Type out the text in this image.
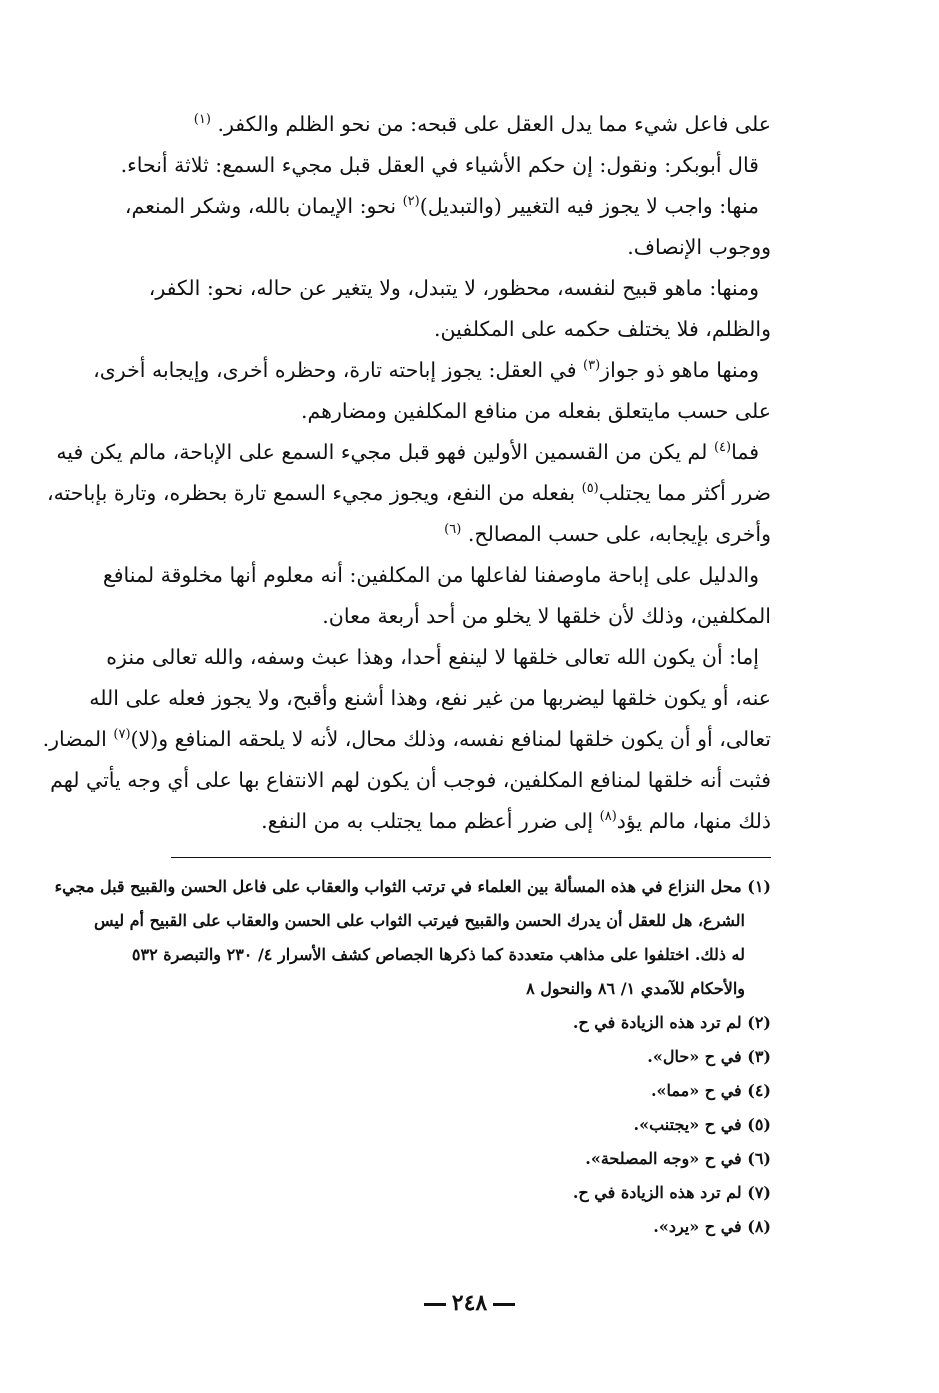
على فاعل شيء مما يدل العقل على قبحه: من نحو الظلم والكفر. $^{(١)}$
قال أبوبكر: ونقول: إن حكم الأشياء في العقل قبل مجيء السمع: ثلاثة أنحاء.
منها: واجب لا يجوز فيه التغيير (والتبديل)$^{(٢)}$ نحو: الإيمان بالله، وشكر المنعم،
ووجوب الإنصاف.
ومنها: ماهو قبيح لنفسه، محظور، لا يتبدل، ولا يتغير عن حاله، نحو: الكفر،
والظلم، فلا يختلف حكمه على المكلفين.
ومنها ماهو ذو جواز$^{(٣)}$ في العقل: يجوز إباحته تارة، وحظره أخرى، وإيجابه أخرى،
على حسب مايتعلق بفعله من منافع المكلفين ومضارهم.
فما$^{(٤)}$ لم يكن من القسمين الأولين فهو قبل مجيء السمع على الإباحة، مالم يكن فيه
ضرر أكثر مما يجتلب$^{(٥)}$ بفعله من النفع، ويجوز مجيء السمع تارة بحظره، وتارة بإباحته،
وأخرى بإيجابه، على حسب المصالح. $^{(٦)}$
والدليل على إباحة ماوصفنا لفاعلها من المكلفين: أنه معلوم أنها مخلوقة لمنافع
المكلفين، وذلك لأن خلقها لا يخلو من أحد أربعة معان.
إما: أن يكون الله تعالى خلقها لا لينفع أحدا، وهذا عبث وسفه، والله تعالى منزه
عنه، أو يكون خلقها ليضربها من غير نفع، وهذا أشنع وأقبح، ولا يجوز فعله على الله
تعالى، أو أن يكون خلقها لمنافع نفسه، وذلك محال، لأنه لا يلحقه المنافع و(لا)$^{(٧)}$ المضار.
فثبت أنه خلقها لمنافع المكلفين، فوجب أن يكون لهم الانتفاع بها على أي وجه يأتي لهم
ذلك منها، مالم يؤد$^{(٨)}$ إلى ضرر أعظم مما يجتلب به من النفع.
(١) محل النزاع في هذه المسألة بين العلماء في ترتب الثواب والعقاب على فاعل الحسن والقبيح قبل مجيء
الشرع، هل للعقل أن يدرك الحسن والقبيح فيرتب الثواب على الحسن والعقاب على القبيح أم ليس
له ذلك. اختلفوا على مذاهب متعددة كما ذكرها الجصاص كشف الأسرار ٤/ ٢٣٠ والتبصرة ٥٣٢
والأحكام للآمدي ١/ ٨٦ والنحول ٨
(٢) لم ترد هذه الزيادة في ح.
(٣) في ح «حال».
(٤) في ح «مما».
(٥) في ح «يجتنب».
(٦) في ح «وجه المصلحة».
(٧) لم ترد هذه الزيادة في ح.
(٨) في ح «يرد».
٢٤٨
